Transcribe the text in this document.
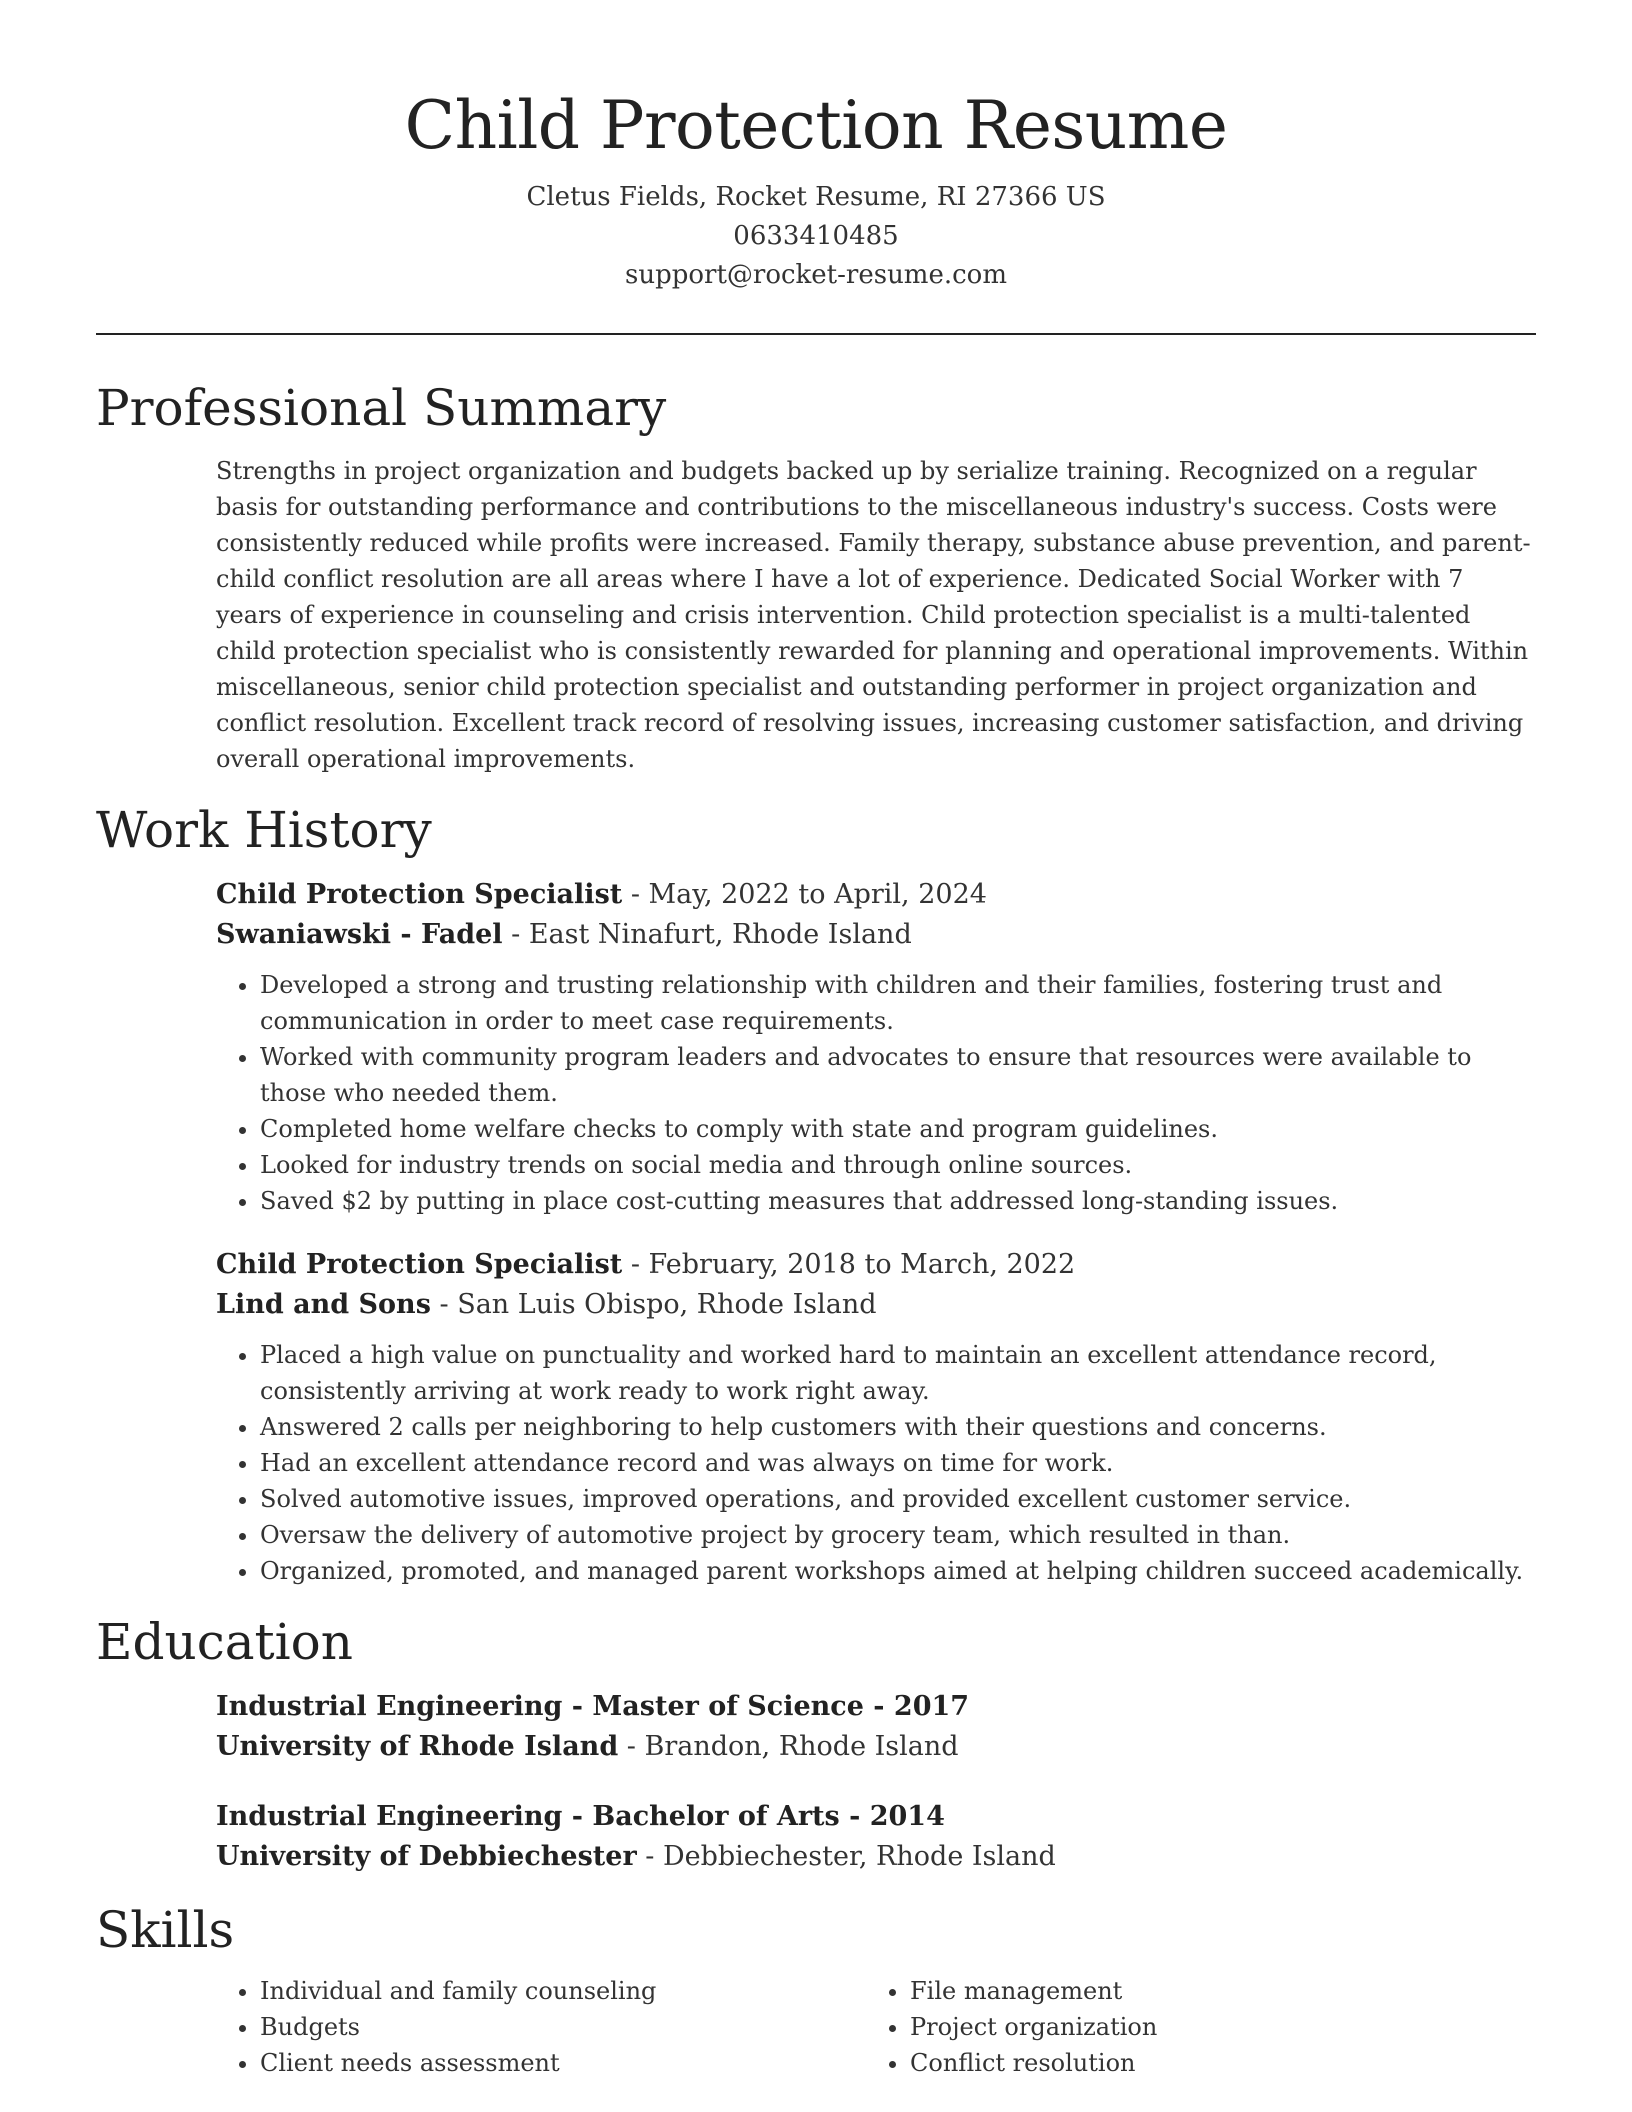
Child Protection Resume
Cletus Fields, Rocket Resume, RI 27366 US
0633410485
support@rocket-resume.com
Professional Summary

Strengths in project organization and budgets backed up by serialize training. Recognized on a regular basis for outstanding performance and contributions to the miscellaneous industry's success. Costs were consistently reduced while profits were increased. Family therapy, substance abuse prevention, and parent-child conflict resolution are all areas where I have a lot of experience. Dedicated Social Worker with 7 years of experience in counseling and crisis intervention. Child protection specialist is a multi-talented child protection specialist who is consistently rewarded for planning and operational improvements. Within miscellaneous, senior child protection specialist and outstanding performer in project organization and conflict resolution. Excellent track record of resolving issues, increasing customer satisfaction, and driving overall operational improvements.

Work History
Child Protection Specialist - May, 2022 to April, 2024
Swaniawski - Fadel - East Ninafurt, Rhode Island
• Developed a strong and trusting relationship with children and their families, fostering trust and communication in order to meet case requirements.
• Worked with community program leaders and advocates to ensure that resources were available to those who needed them.
• Completed home welfare checks to comply with state and program guidelines.
• Looked for industry trends on social media and through online sources.
• Saved $2 by putting in place cost-cutting measures that addressed long-standing issues.
Child Protection Specialist - February, 2018 to March, 2022
Lind and Sons - San Luis Obispo, Rhode Island
• Placed a high value on punctuality and worked hard to maintain an excellent attendance record, consistently arriving at work ready to work right away.
• Answered 2 calls per neighboring to help customers with their questions and concerns.
• Had an excellent attendance record and was always on time for work.
• Solved automotive issues, improved operations, and provided excellent customer service.
• Oversaw the delivery of automotive project by grocery team, which resulted in than.
• Organized, promoted, and managed parent workshops aimed at helping children succeed academically.
Education
Industrial Engineering - Master of Science - 2017
University of Rhode Island - Brandon, Rhode Island
Industrial Engineering - Bachelor of Arts - 2014
University of Debbiechester - Debbiechester, Rhode Island
Skills
• Individual and family counseling
• Budgets
• Client needs assessment
• File management
• Project organization
• Conflict resolution
